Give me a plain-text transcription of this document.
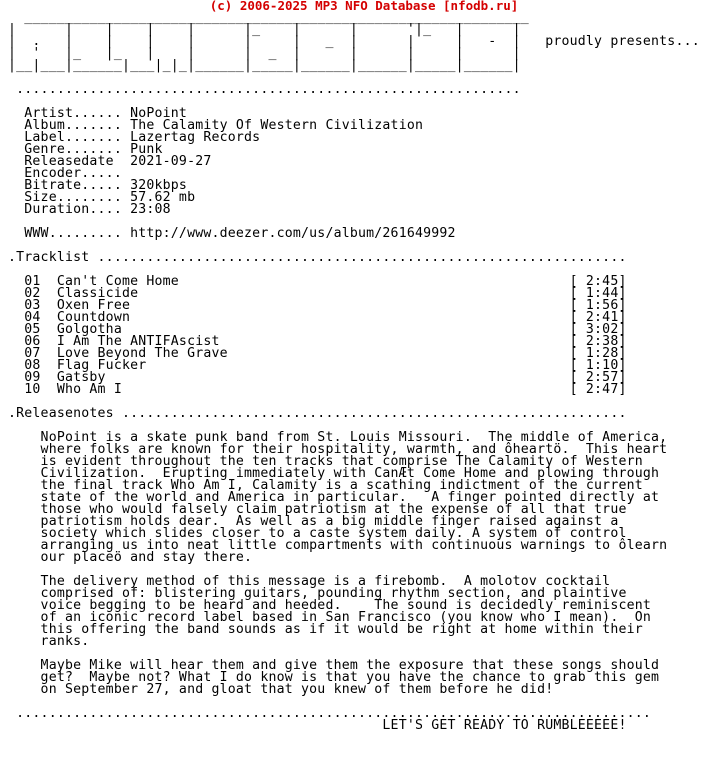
(c) 2006-2025 MP3 NFO Database [nfodb.ru]
______________________________________________________________
|      |    |    |    |      |_    |      |      '|_   |      |
|  .   |    |    |    |      |     |   _  |      |     |   -  |   proudly presents...
|  '   |_   |_   |    |      |  _  |      |      |     |      |
|__|___|______|___|_|_|______|_____|______|______|_____|______|

..............................................................

Artist...... NoPoint
Album....... The Calamity Of Western Civilization
Label....... Lazertag Records
Genre....... Punk
Releasedate  2021-09-27
Encoder.....
Bitrate..... 320kbps
Size........ 57.62 mb
Duration.... 23:08

WWW......... http://www.deezer.com/us/album/261649992

.Tracklist .................................................................

01  Can't Come Home                                                [ 2:45]
02  Classicide                                                     [ 1:44]
03  Oxen Free                                                      [ 1:56]
04  Countdown                                                      [ 2:41]
05  Golgotha                                                       [ 3:02]
06  I Am The ANTIFAscist                                           [ 2:38]
07  Love Beyond The Grave                                          [ 1:28]
08  Flag Fucker                                                    [ 1:10]
09  Gatsby                                                         [ 2:57]
10  Who Am I                                                       [ 2:47]

.Releasenotes ..............................................................

NoPoint is a skate punk band from St. Louis Missouri.  The middle of America,
where folks are known for their hospitality, warmth, and ôheartö.  This heart
is evident throughout the ten tracks that comprise The Calamity of Western
Civilization.  Erupting immediately with CanÆt Come Home and plowing through
the final track Who Am I, Calamity is a scathing indictment of the current
state of the world and America in particular.   A finger pointed directly at
those who would falsely claim patriotism at the expense of all that true
patriotism holds dear.  As well as a big middle finger raised against a
society which slides closer to a caste system daily. A system of control
arranging us into neat little compartments with continuous warnings to ôlearn
our placeö and stay there.

The delivery method of this message is a firebomb.  A molotov cocktail
comprised of: blistering guitars, pounding rhythm section, and plaintive
voice begging to be heard and heeded.    The sound is decidedly reminiscent
of an iconic record label based in San Francisco (you know who I mean).  On
this offering the band sounds as if it would be right at home within their
ranks.

Maybe Mike will hear them and give them the exposure that these songs should
get?  Maybe not? What I do know is that you have the chance to grab this gem
on September 27, and gloat that you knew of them before he did!

..............................................................................
LET'S GET READY TO RUMBLEEEEE!
